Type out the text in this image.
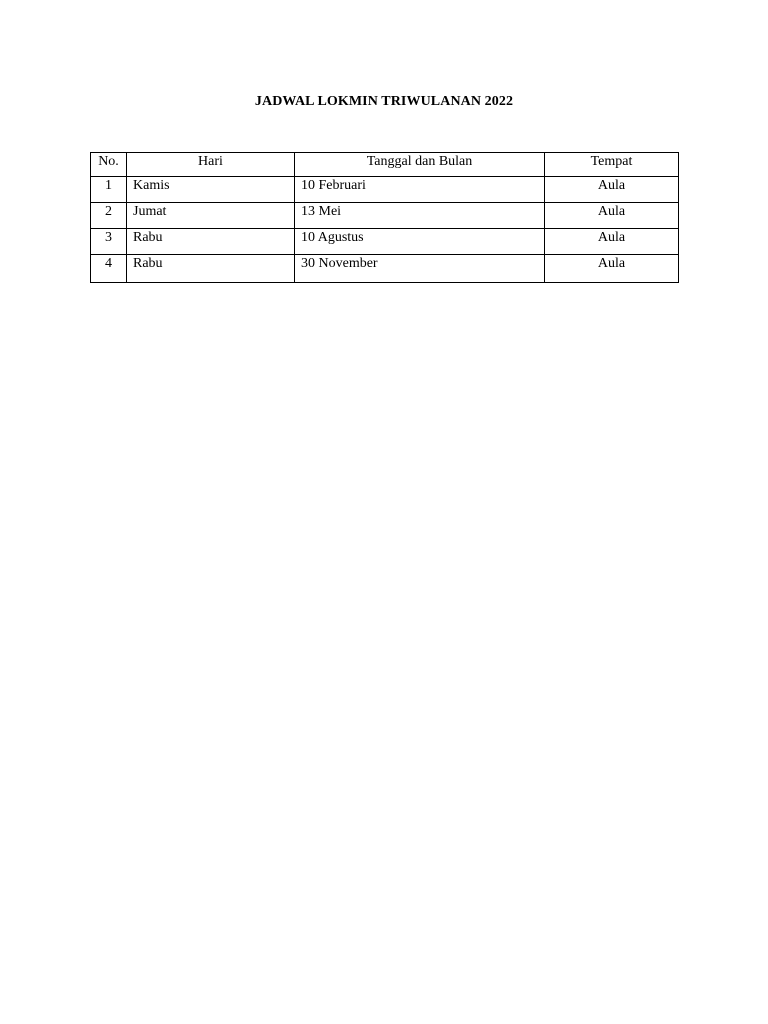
JADWAL LOKMIN TRIWULANAN 2022
No.	Hari	Tanggal dan Bulan	Tempat
1	Kamis	10 Februari	Aula
2	Jumat	13 Mei	Aula
3	Rabu	10 Agustus	Aula
4	Rabu	30 November	Aula
